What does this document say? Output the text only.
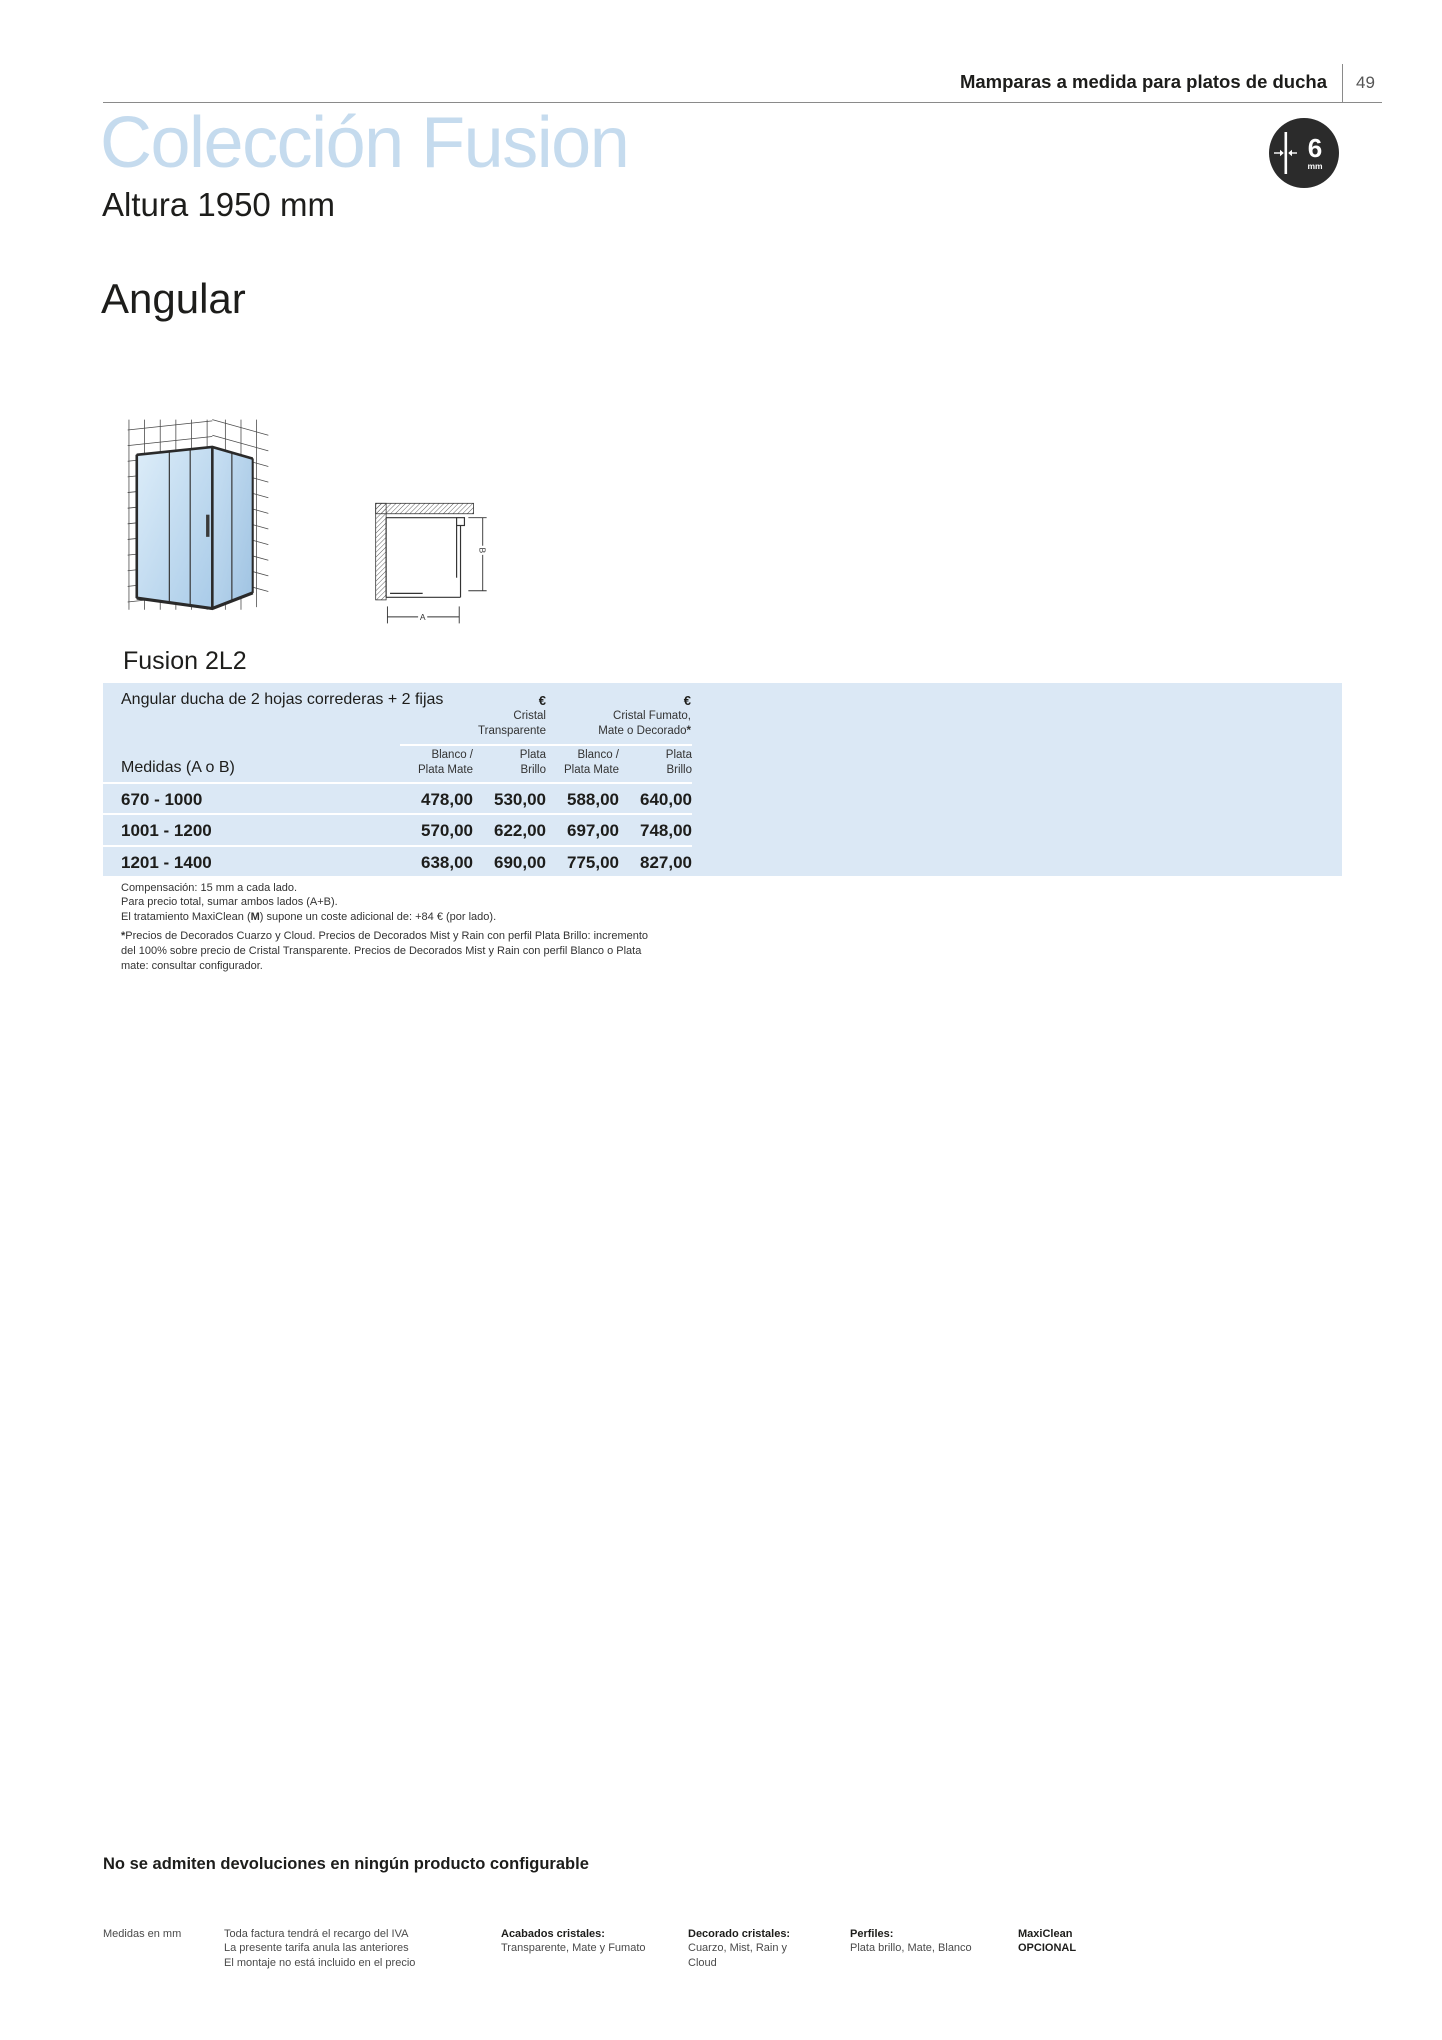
Mamparas a medida para platos de ducha 49
Colección Fusion
Altura 1950 mm
Angular
6
mm
B
A
Fusion 2L2
Angular ducha de 2 hojas correderas + 2 fijas	€
Cristal
Transparente
€
Cristal Fumato,
Mate o Decorado*
Blanco /
Plata Mate
Plata
Brillo
Blanco /
Plata Mate
Plata
Brillo
Medidas (A o B)
670 - 1000	478,00	530,00	588,00	640,00
1001 - 1200	570,00	622,00	697,00	748,00
1201 - 1400	638,00	690,00	775,00	827,00
Compensación: 15 mm a cada lado.
Para precio total, sumar ambos lados (A+B).
El tratamiento MaxiClean (M) supone un coste adicional de: +84 € (por lado).
*Precios de Decorados Cuarzo y Cloud. Precios de Decorados Mist y Rain con perfil Plata Brillo: incremento
del 100% sobre precio de Cristal Transparente. Precios de Decorados Mist y Rain con perfil Blanco o Plata
mate: consultar configurador.
No se admiten devoluciones en ningún producto configurable
Medidas en mm	Toda factura tendrá el recargo del IVA
La presente tarifa anula las anteriores
El montaje no está incluido en el precio
Acabados cristales:
Transparente, Mate y Fumato
Decorado cristales:
Cuarzo, Mist, Rain y
Cloud
Perfiles:
Plata brillo, Mate, Blanco
MaxiClean
OPCIONAL
